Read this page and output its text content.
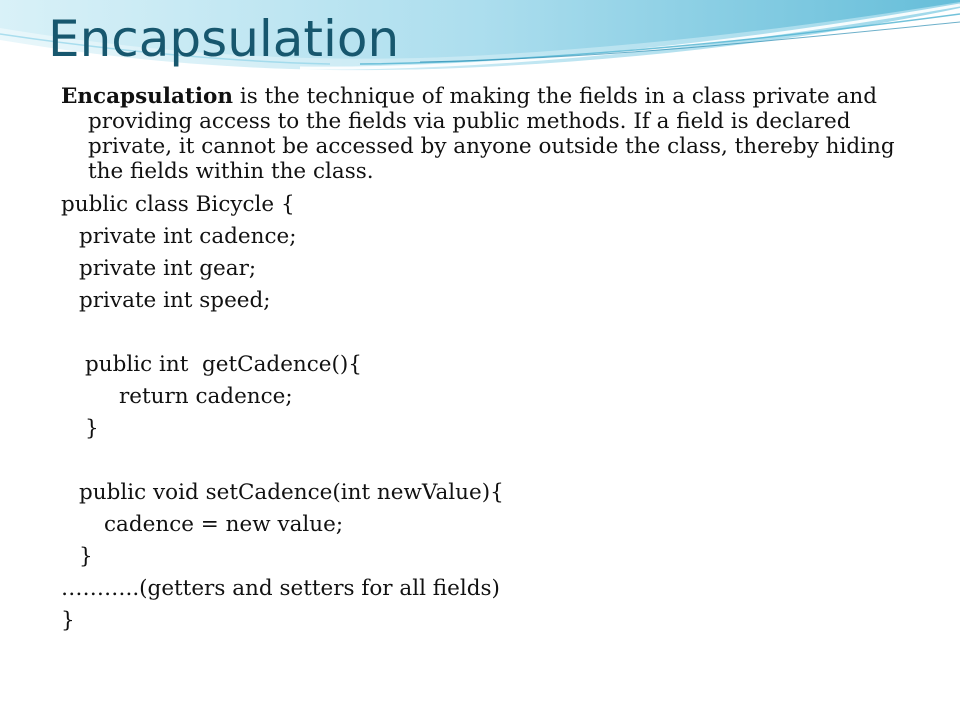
Encapsulation

Encapsulation is the technique of making the fields in a class private and providing access to the fields via public methods. If a field is declared private, it cannot be accessed by anyone outside the class, thereby hiding the fields within the class.

public class Bicycle {
private int cadence;
private int gear;
private int speed;
public int  getCadence(){
return cadence;
}
public void setCadence(int newValue){
cadence = new value;
}
………..(getters and setters for all fields)
}
